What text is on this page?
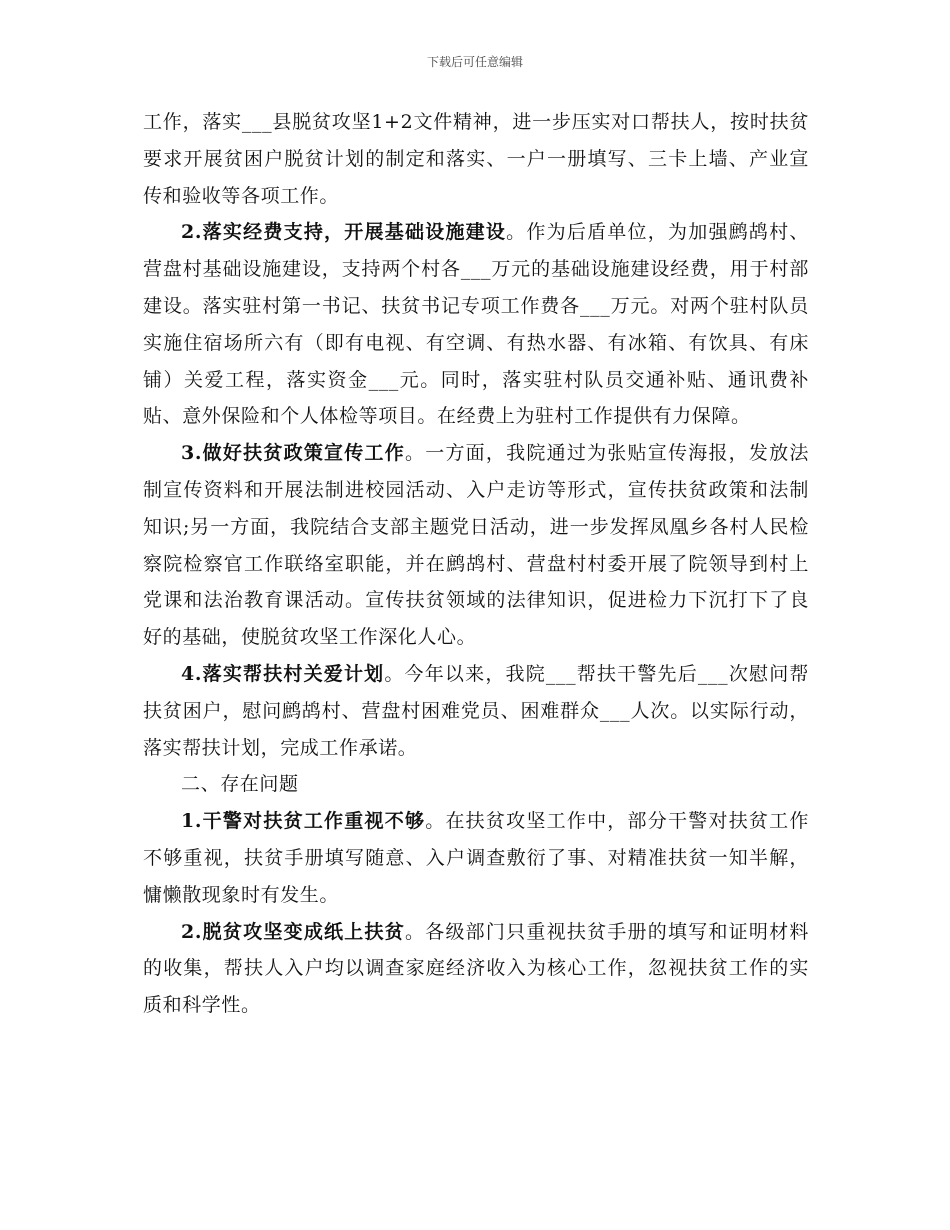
下载后可任意编辑

工作，落实___县脱贫攻坚1+2文件精神，进一步压实对口帮扶人，按时扶贫要求开展贫困户脱贫计划的制定和落实、一户一册填写、三卡上墙、产业宣传和验收等各项工作。

2.落实经费支持，开展基础设施建设。作为后盾单位，为加强鹧鸪村、营盘村基础设施建设，支持两个村各___万元的基础设施建设经费，用于村部建设。落实驻村第一书记、扶贫书记专项工作费各___万元。对两个驻村队员实施住宿场所六有（即有电视、有空调、有热水器、有冰箱、有饮具、有床铺）关爱工程，落实资金___元。同时，落实驻村队员交通补贴、通讯费补贴、意外保险和个人体检等项目。在经费上为驻村工作提供有力保障。

3.做好扶贫政策宣传工作。一方面，我院通过为张贴宣传海报，发放法制宣传资料和开展法制进校园活动、入户走访等形式，宣传扶贫政策和法制知识;另一方面，我院结合支部主题党日活动，进一步发挥凤凰乡各村人民检察院检察官工作联络室职能，并在鹧鸪村、营盘村村委开展了院领导到村上党课和法治教育课活动。宣传扶贫领域的法律知识，促进检力下沉打下了良好的基础，使脱贫攻坚工作深化人心。

4.落实帮扶村关爱计划。今年以来，我院___帮扶干警先后___次慰问帮扶贫困户，慰问鹧鸪村、营盘村困难党员、困难群众___人次。以实际行动，落实帮扶计划，完成工作承诺。

二、存在问题

1.干警对扶贫工作重视不够。在扶贫攻坚工作中，部分干警对扶贫工作不够重视，扶贫手册填写随意、入户调查敷衍了事、对精准扶贫一知半解，慵懒散现象时有发生。

2.脱贫攻坚变成纸上扶贫。各级部门只重视扶贫手册的填写和证明材料的收集，帮扶人入户均以调查家庭经济收入为核心工作，忽视扶贫工作的实质和科学性。
